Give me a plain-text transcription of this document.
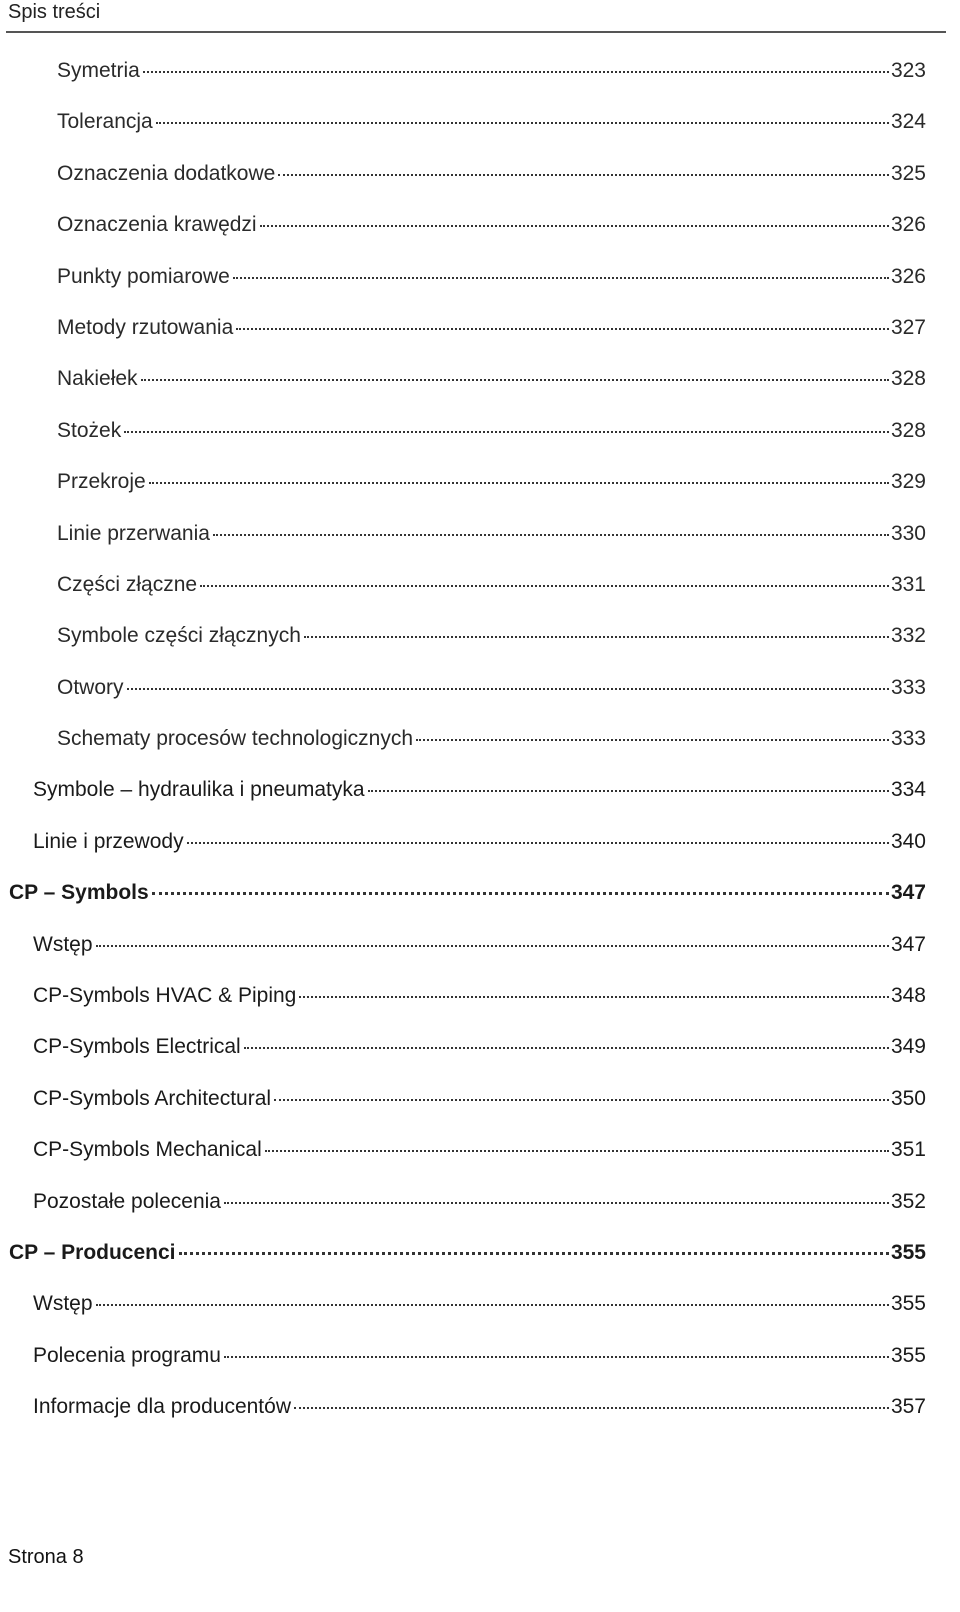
Spis treści
Symetria	323
Tolerancja	324
Oznaczenia dodatkowe	325
Oznaczenia krawędzi	326
Punkty pomiarowe	326
Metody rzutowania	327
Nakiełek	328
Stożek	328
Przekroje	329
Linie przerwania	330
Części złączne	331
Symbole części złącznych	332
Otwory	333
Schematy procesów technologicznych	333
Symbole – hydraulika i pneumatyka	334
Linie i przewody	340
CP – Symbols	347
Wstęp	347
CP-Symbols HVAC & Piping	348
CP-Symbols Electrical	349
CP-Symbols Architectural	350
CP-Symbols Mechanical	351
Pozostałe polecenia	352
CP – Producenci	355
Wstęp	355
Polecenia programu	355
Informacje dla producentów	357
Strona 8
